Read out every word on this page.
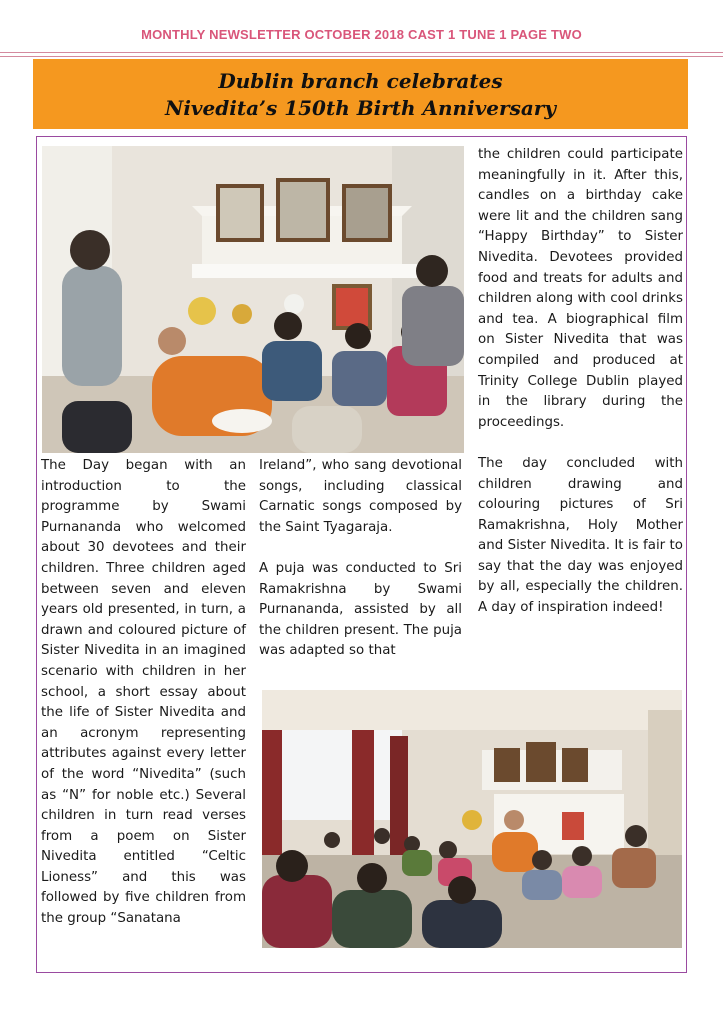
MONTHLY NEWSLETTER OCTOBER 2018 CAST 1 TUNE 1 PAGE TWO
Dublin branch celebrates
Nivedita’s 150th Birth Anniversary

The Day began with an introduction to the programme by Swami Purnananda who welcomed about 30 devotees and their children. Three children aged between seven and eleven years old presented, in turn, a drawn and coloured picture of Sister Nivedita in an imagined scenario with children in her school, a short essay about the life of Sister Nivedita and an acronym representing attributes against every letter of the word “Nivedita” (such as “N” for noble etc.) Several children in turn read verses from a poem on Sister Nivedita entitled “Celtic Lioness” and this was followed by five children from the group “Sanatana

Ireland”, who sang devotional songs, including classical Carnatic songs composed by the Saint Tyagaraja.

A puja was conducted to Sri Ramakrishna by Swami Purnananda, assisted by all the children present. The puja was adapted so that

the children could participate meaningfully in it. After this, candles on a birthday cake were lit and the children sang “Happy Birthday” to Sister Nivedita. Devotees provided food and treats for adults and children along with cool drinks and tea. A biographical film on Sister Nivedita that was compiled and produced at Trinity College Dublin played in the library during the proceedings.

The day concluded with children drawing and colouring pictures of Sri Ramakrishna, Holy Mother and Sister Nivedita. It is fair to say that the day was enjoyed by all, especially the children. A day of inspiration indeed!
